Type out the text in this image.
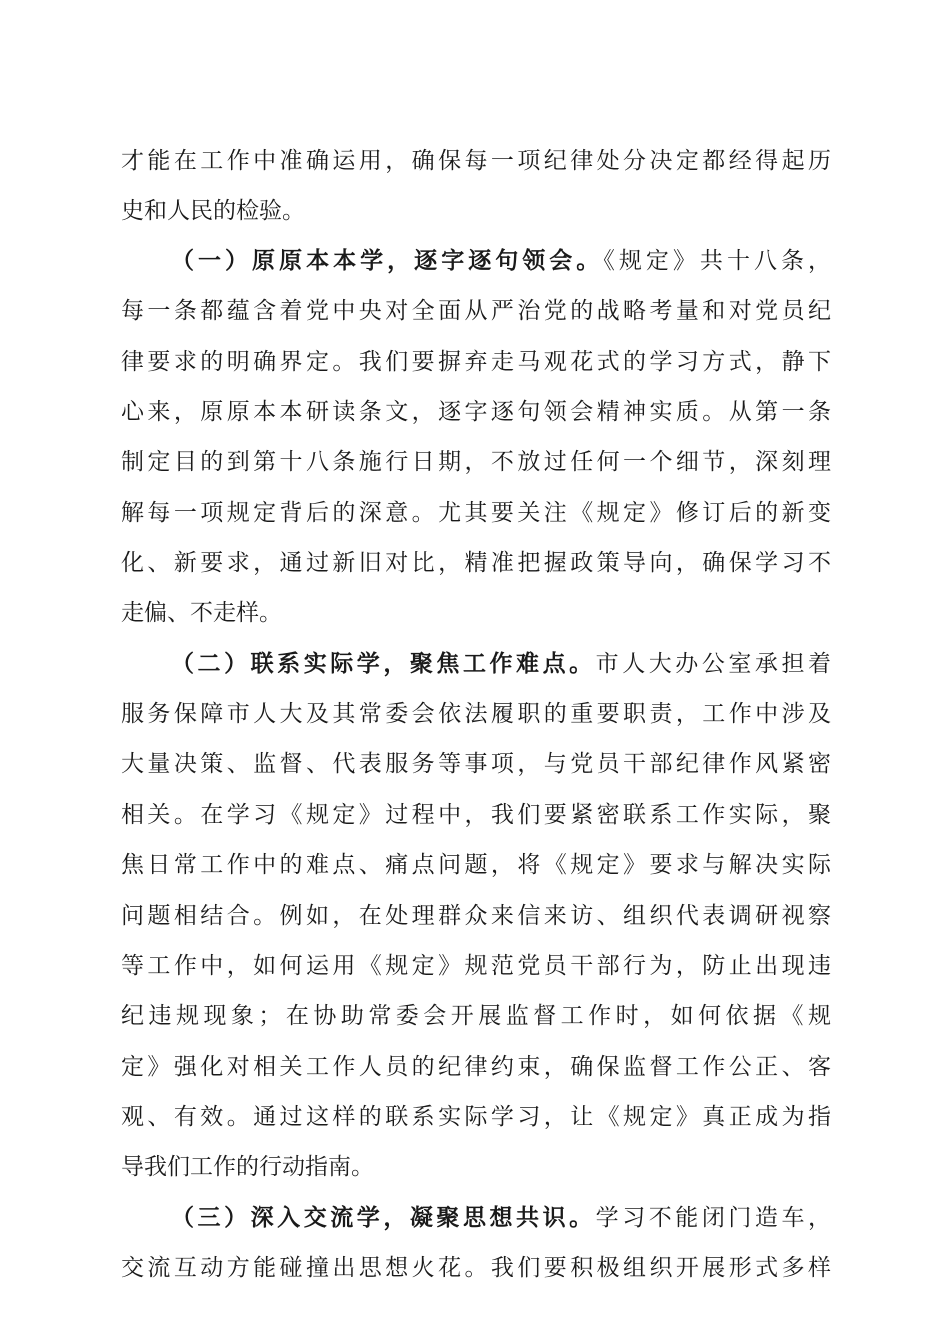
才能在工作中准确运用，确保每一项纪律处分决定都经得起历
史和人民的检验。
（一）原原本本学，逐字逐句领会。《规定》共十八条，
每一条都蕴含着党中央对全面从严治党的战略考量和对党员纪
律要求的明确界定。我们要摒弃走马观花式的学习方式，静下
心来，原原本本研读条文，逐字逐句领会精神实质。从第一条
制定目的到第十八条施行日期，不放过任何一个细节，深刻理
解每一项规定背后的深意。尤其要关注《规定》修订后的新变
化、新要求，通过新旧对比，精准把握政策导向，确保学习不
走偏、不走样。
（二）联系实际学，聚焦工作难点。市人大办公室承担着
服务保障市人大及其常委会依法履职的重要职责，工作中涉及
大量决策、监督、代表服务等事项，与党员干部纪律作风紧密
相关。在学习《规定》过程中，我们要紧密联系工作实际，聚
焦日常工作中的难点、痛点问题，将《规定》要求与解决实际
问题相结合。例如，在处理群众来信来访、组织代表调研视察
等工作中，如何运用《规定》规范党员干部行为，防止出现违
纪违规现象；在协助常委会开展监督工作时，如何依据《规
定》强化对相关工作人员的纪律约束，确保监督工作公正、客
观、有效。通过这样的联系实际学习，让《规定》真正成为指
导我们工作的行动指南。
（三）深入交流学，凝聚思想共识。学习不能闭门造车，
交流互动方能碰撞出思想火花。我们要积极组织开展形式多样
